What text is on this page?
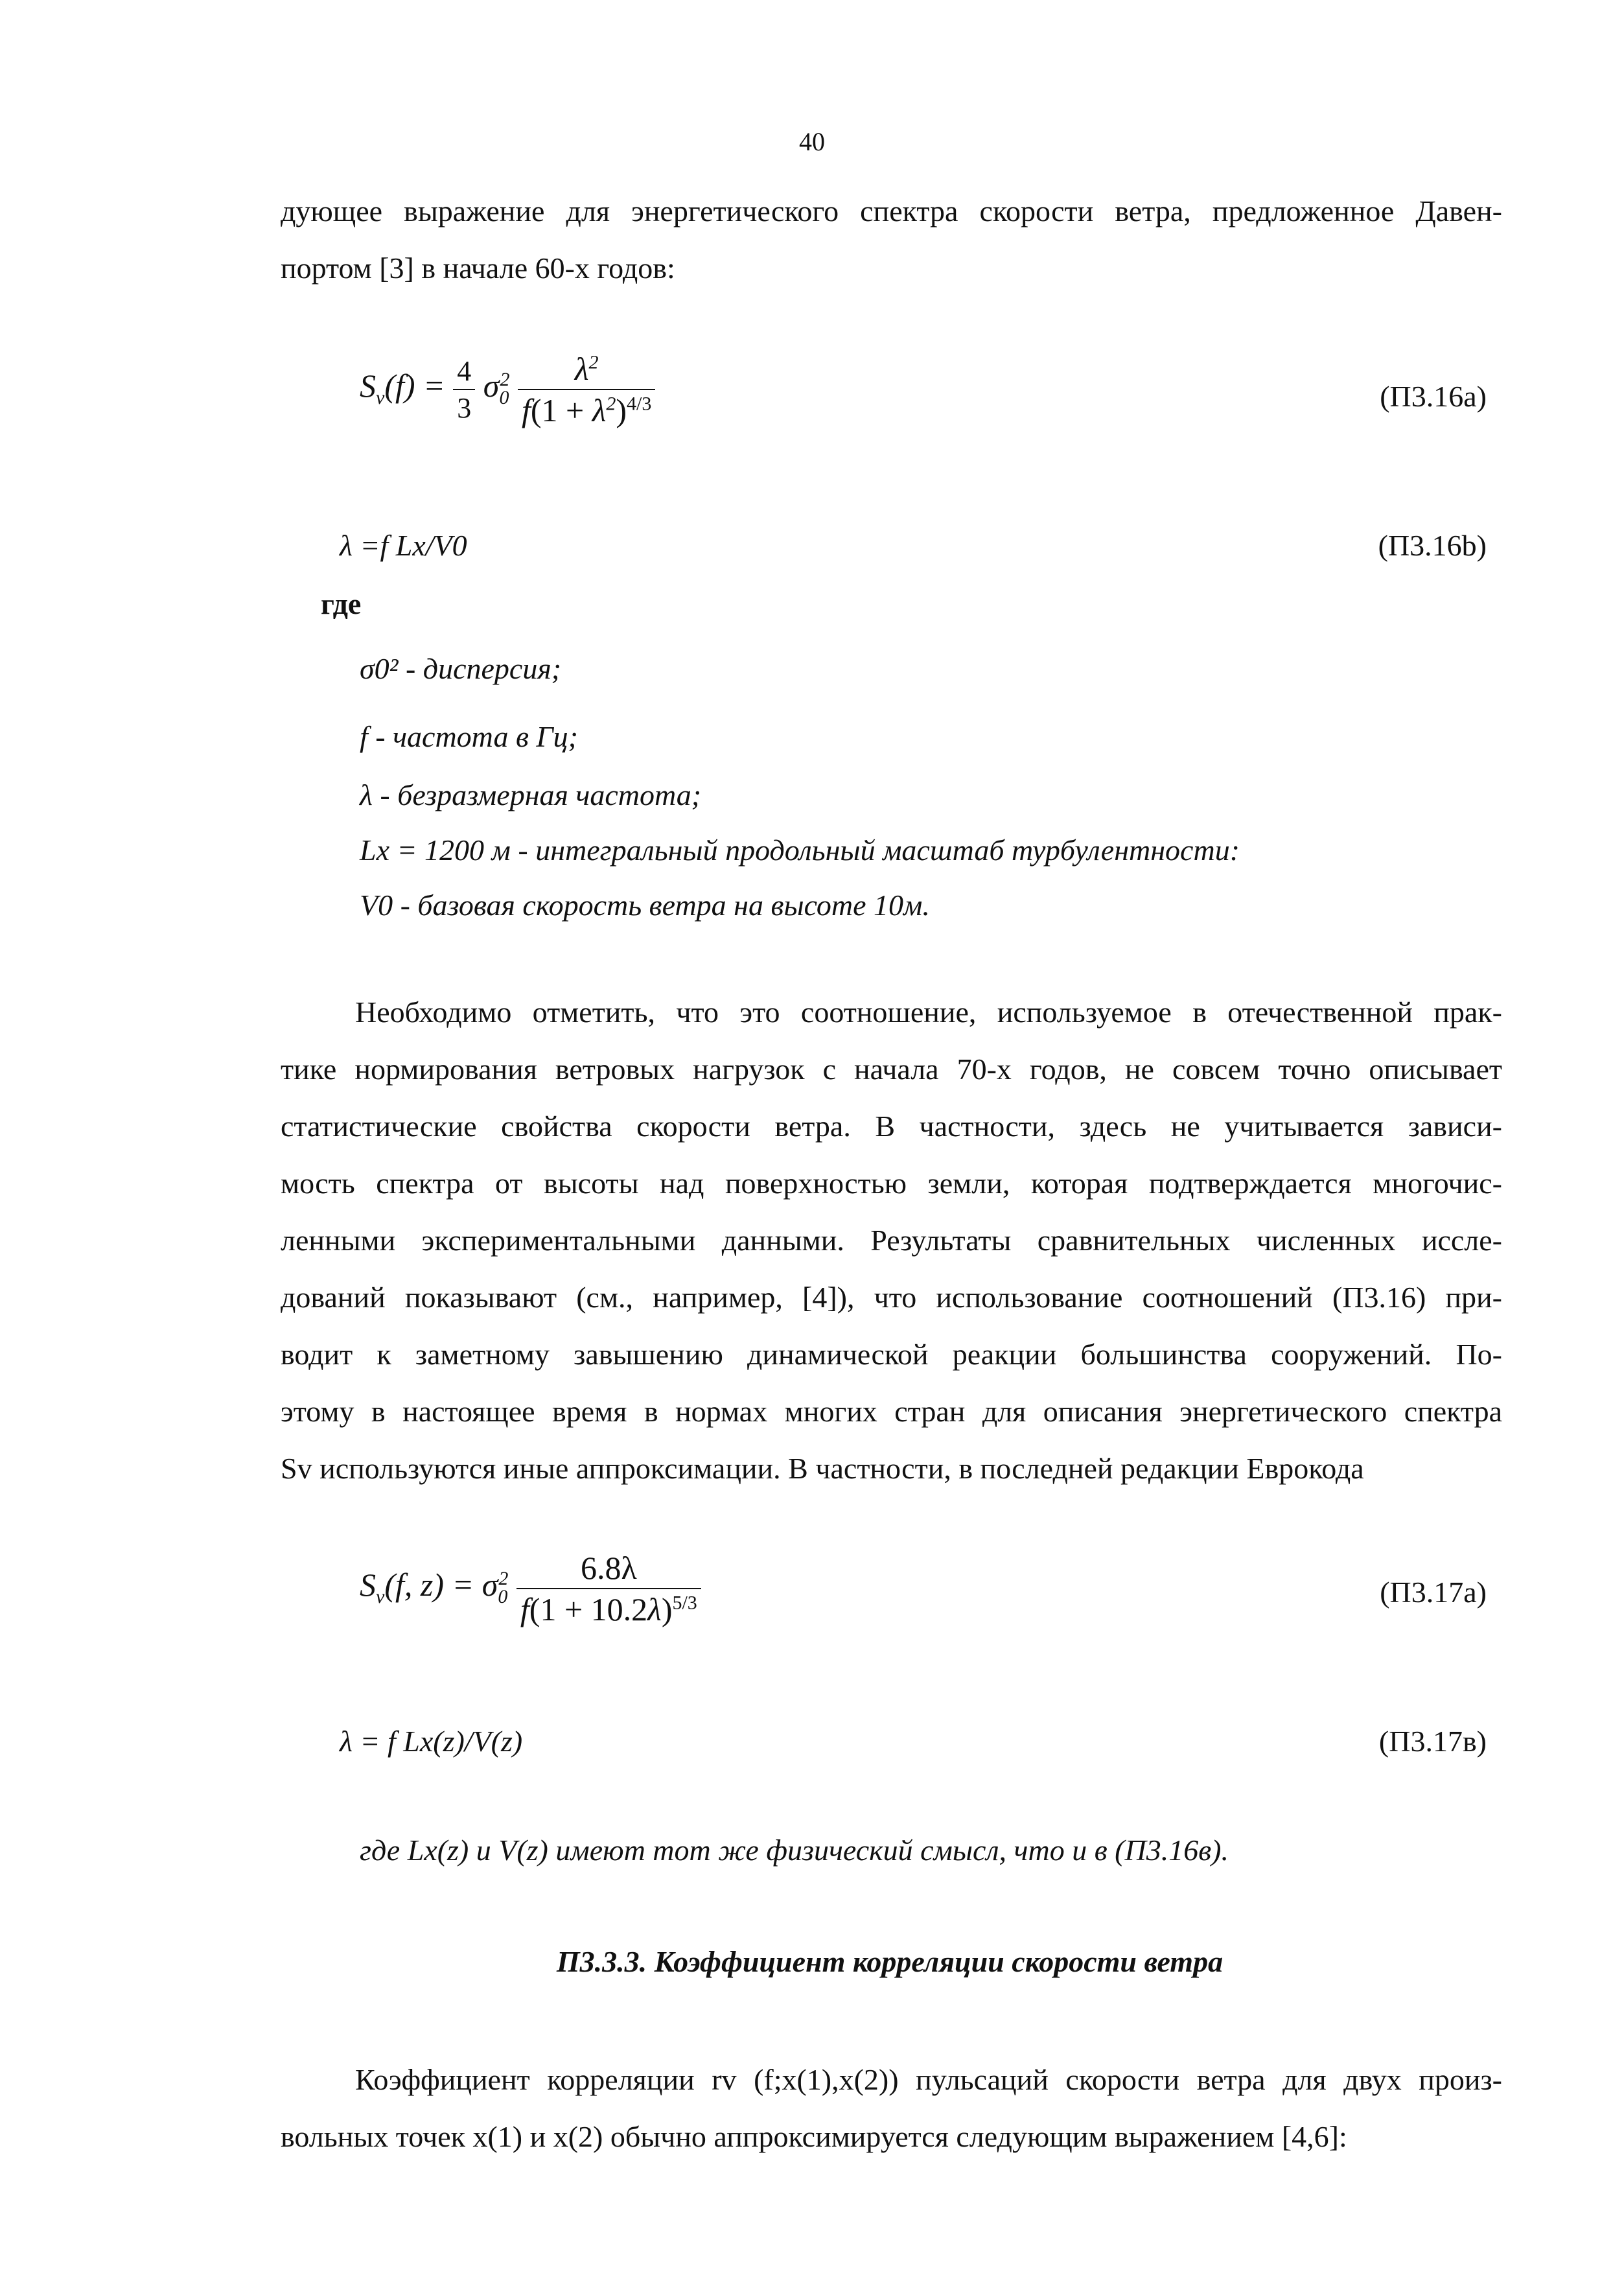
40
дующее выражение для энергетического спектра скорости ветра, предложенное Давен-
портом [3] в начале 60-х годов:
$S_v(f) = \frac{4}{3} \sigma_0^2 \frac{\lambda^2}{f(1 + \lambda^2)^{4/3}}$	(П3.16a)
λ =f Lx/V0	(П3.16b)
где
σ0² - дисперсия;
f - частота в Гц;
λ - безразмерная частота;
Lx = 1200 м - интегральный продольный масштаб турбулентности:
V0 - базовая скорость ветра на высоте 10м.
Необходимо отметить, что это соотношение, используемое в отечественной прак-
тике нормирования ветровых нагрузок с начала 70-х годов, не совсем точно описывает
статистические свойства скорости ветра. В частности, здесь не учитывается зависи-
мость спектра от высоты над поверхностью земли, которая подтверждается многочис-
ленными экспериментальными данными. Результаты сравнительных численных иссле-
дований показывают (см., например, [4]), что использование соотношений (П3.16) при-
водит к заметному завышению динамической реакции большинства сооружений. По-
этому в настоящее время в нормах многих стран для описания энергетического спектра
Sv используются иные аппроксимации. В частности, в последней редакции Еврокода
$S_v(f$, $z) = \sigma_0^2 \frac{6.8\lambda}{f(1 + 10.2\lambda)^{5/3}}$	(П3.17a)
λ = f Lx(z)/V(z)	(П3.17в)
где Lx(z) и V(z) имеют тот же физический смысл, что и в (П3.16в).
П3.3.3. Коэффициент корреляции скорости ветра
Коэффициент корреляции rv (f;x(1),x(2)) пульсаций скорости ветра для двух произ-
вольных точек x(1) и x(2) обычно аппроксимируется следующим выражением [4,6]:
